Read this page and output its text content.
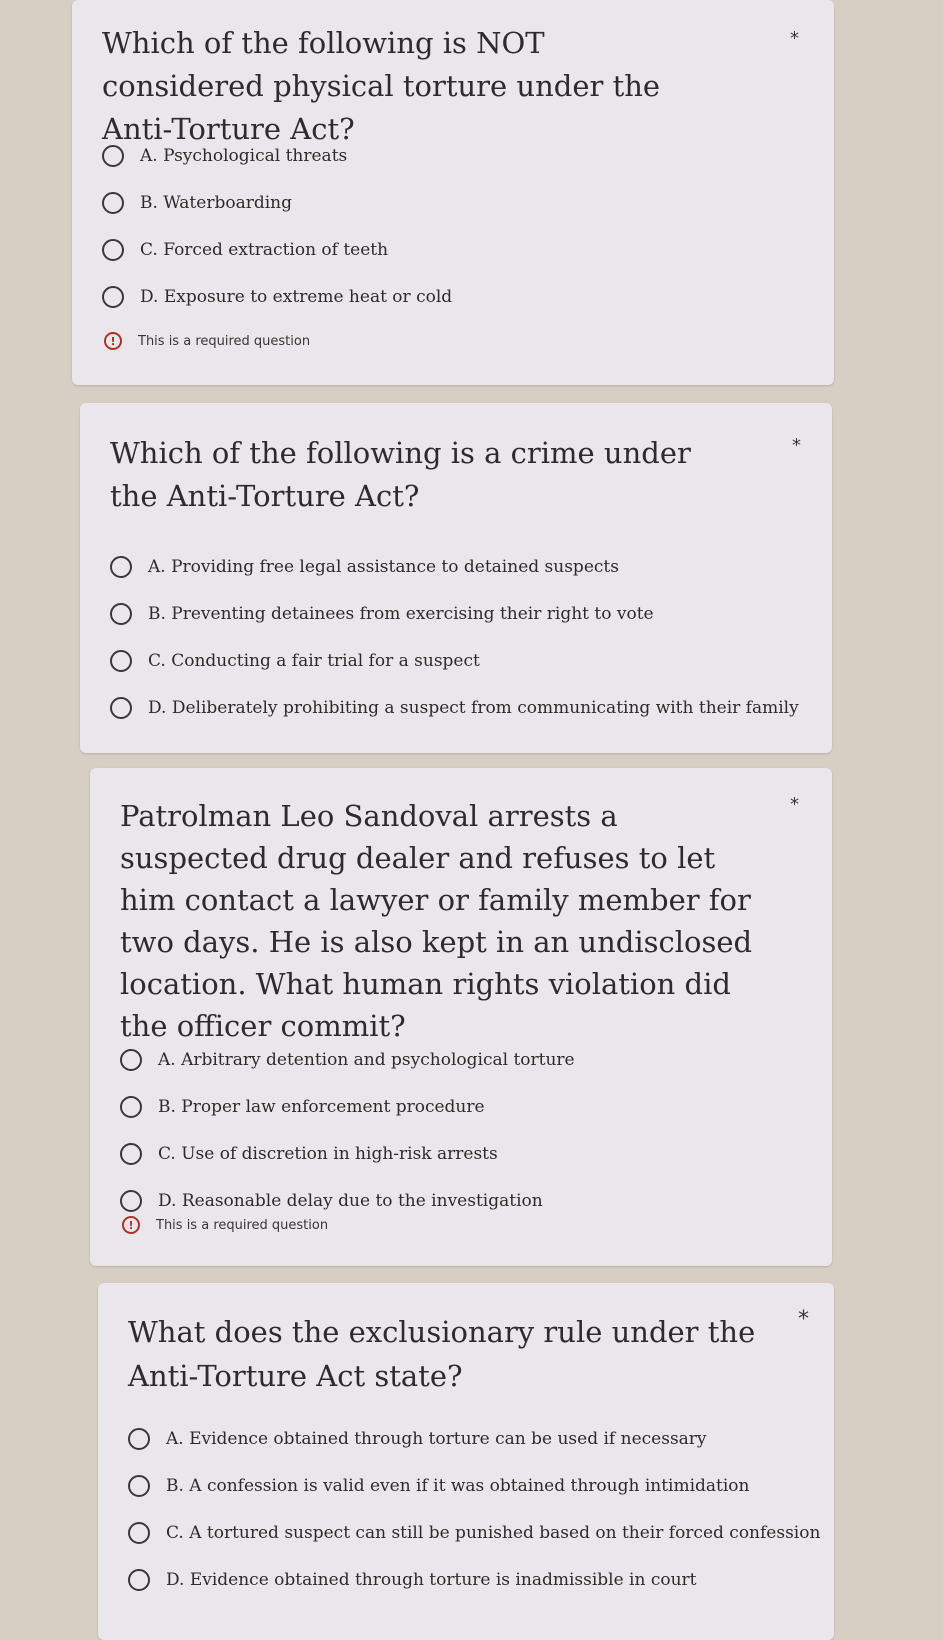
Which of the following is NOT considered physical torture under the Anti-Torture Act?
*
A. Psychological threats
B. Waterboarding
C. Forced extraction of teeth
D. Exposure to extreme heat or cold
!	This is a required question
Which of the following is a crime under the Anti-Torture Act?
*
A. Providing free legal assistance to detained suspects
B. Preventing detainees from exercising their right to vote
C. Conducting a fair trial for a suspect
D. Deliberately prohibiting a suspect from communicating with their family
Patrolman Leo Sandoval arrests a suspected drug dealer and refuses to let him contact a lawyer or family member for two days. He is also kept in an undisclosed location. What human rights violation did the officer commit?
*
A. Arbitrary detention and psychological torture
B. Proper law enforcement procedure
C. Use of discretion in high-risk arrests
D. Reasonable delay due to the investigation
!	This is a required question
What does the exclusionary rule under the Anti-Torture Act state?
*
A. Evidence obtained through torture can be used if necessary
B. A confession is valid even if it was obtained through intimidation
C. A tortured suspect can still be punished based on their forced confession
D. Evidence obtained through torture is inadmissible in court
